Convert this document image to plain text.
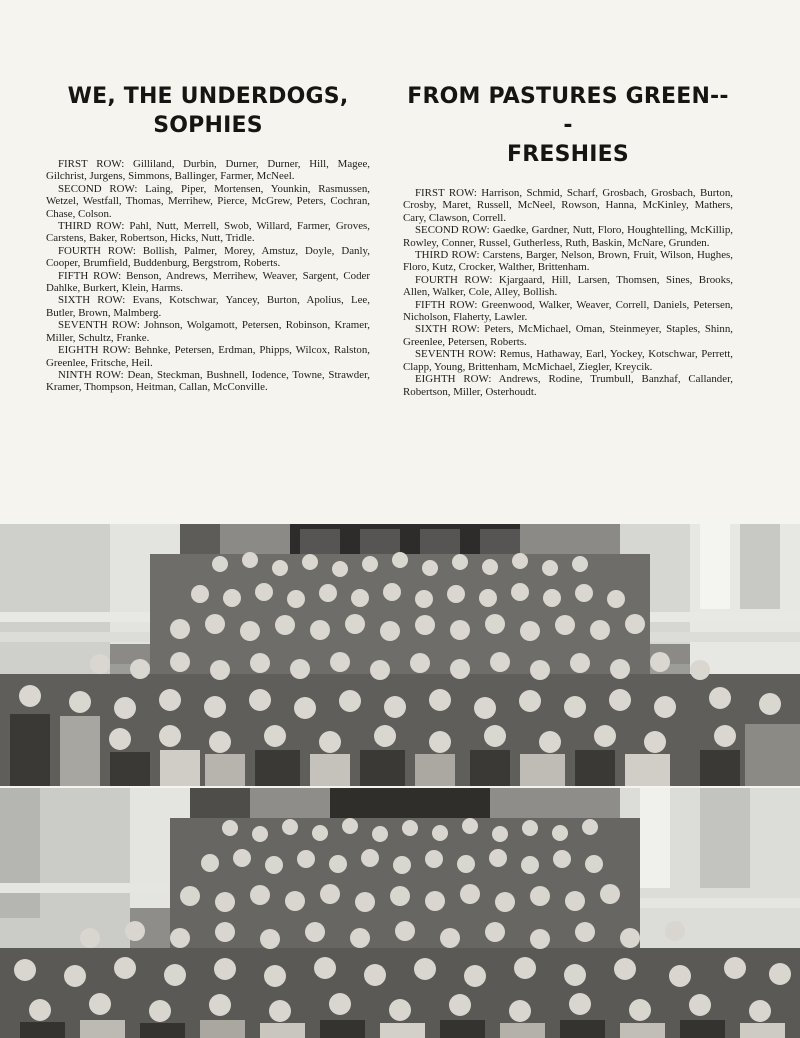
WE, THE UNDERDOGS,
SOPHIES

FIRST ROW: Gilliland, Durbin, Durner, Durner, Hill, Magee, Gilchrist, Jurgens, Simmons, Ballinger, Farmer, McNeel.

SECOND ROW: Laing, Piper, Mortensen, Younkin, Rasmussen, Wetzel, Westfall, Thomas, Merrihew, Pierce, McGrew, Peters, Cochran, Chase, Colson.

THIRD ROW: Pahl, Nutt, Merrell, Swob, Willard, Farmer, Groves, Carstens, Baker, Robertson, Hicks, Nutt, Tridle.

FOURTH ROW: Bollish, Palmer, Morey, Amstuz, Doyle, Danly, Cooper, Brumfield, Buddenburg, Bergstrom, Roberts.

FIFTH ROW: Benson, Andrews, Merrihew, Weaver, Sargent, Coder Dahlke, Burkert, Klein, Harms.

SIXTH ROW: Evans, Kotschwar, Yancey, Burton, Apolius, Lee, Butler, Brown, Malmberg.

SEVENTH ROW: Johnson, Wolgamott, Petersen, Robinson, Kramer, Miller, Schultz, Franke.

EIGHTH ROW: Behnke, Petersen, Erdman, Phipps, Wilcox, Ralston, Greenlee, Fritsche, Heil.

NINTH ROW: Dean, Steckman, Bushnell, Iodence, Towne, Strawder, Kramer, Thompson, Heitman, Callan, McConville.

FROM PASTURES GREEN---
FRESHIES

FIRST ROW: Harrison, Schmid, Scharf, Grosbach, Grosbach, Burton, Crosby, Maret, Russell, McNeel, Rowson, Hanna, McKinley, Mathers, Cary, Clawson, Correll.

SECOND ROW: Gaedke, Gardner, Nutt, Floro, Houghtelling, McKillip, Rowley, Conner, Russel, Gutherless, Ruth, Baskin, McNare, Grunden.

THIRD ROW: Carstens, Barger, Nelson, Brown, Fruit, Wilson, Hughes, Floro, Kutz, Crocker, Walther, Brittenham.

FOURTH ROW: Kjargaard, Hill, Larsen, Thomsen, Sines, Brooks, Allen, Walker, Cole, Alley, Bollish.

FIFTH ROW: Greenwood, Walker, Weaver, Correll, Daniels, Petersen, Nicholson, Flaherty, Lawler.

SIXTH ROW: Peters, McMichael, Oman, Steinmeyer, Staples, Shinn, Greenlee, Petersen, Roberts.

SEVENTH ROW: Remus, Hathaway, Earl, Yockey, Kotschwar, Perrett, Clapp, Young, Brittenham, McMichael, Ziegler, Kreycik.

EIGHTH ROW: Andrews, Rodine, Trumbull, Banzhaf, Callander, Robertson, Miller, Osterhoudt.
